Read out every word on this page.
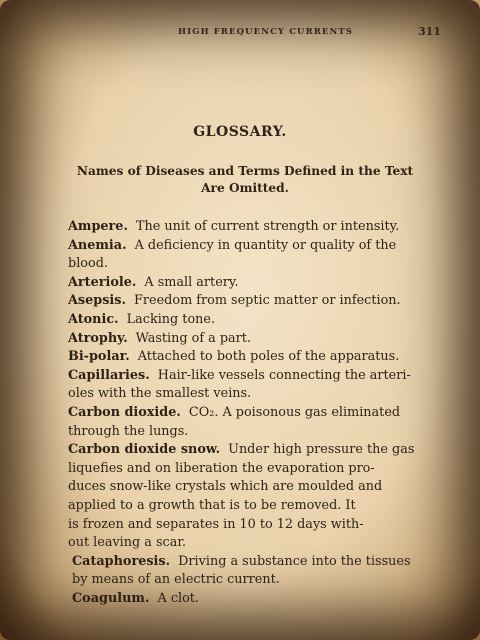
HIGH FREQUENCY CURRENTS	311
GLOSSARY.
Names of Diseases and Terms Defined in the Text
Are Omitted.

Ampere. The unit of current strength or intensity.

Anemia. A deficiency in quantity or quality of the
blood.

Arteriole. A small artery.

Asepsis. Freedom from septic matter or infection.

Atonic. Lacking tone.

Atrophy. Wasting of a part.

Bi-polar. Attached to both poles of the apparatus.

Capillaries. Hair-like vessels connecting the arteri-
oles with the smallest veins.

Carbon dioxide. CO₂. A poisonous gas eliminated
through the lungs.

Carbon dioxide snow. Under high pressure the gas
liquefies and on liberation the evaporation pro-
duces snow-like crystals which are moulded and
applied to a growth that is to be removed. It
is frozen and separates in 10 to 12 days with-
out leaving a scar.

Cataphoresis. Driving a substance into the tissues
by means of an electric current.

Coagulum. A clot.
